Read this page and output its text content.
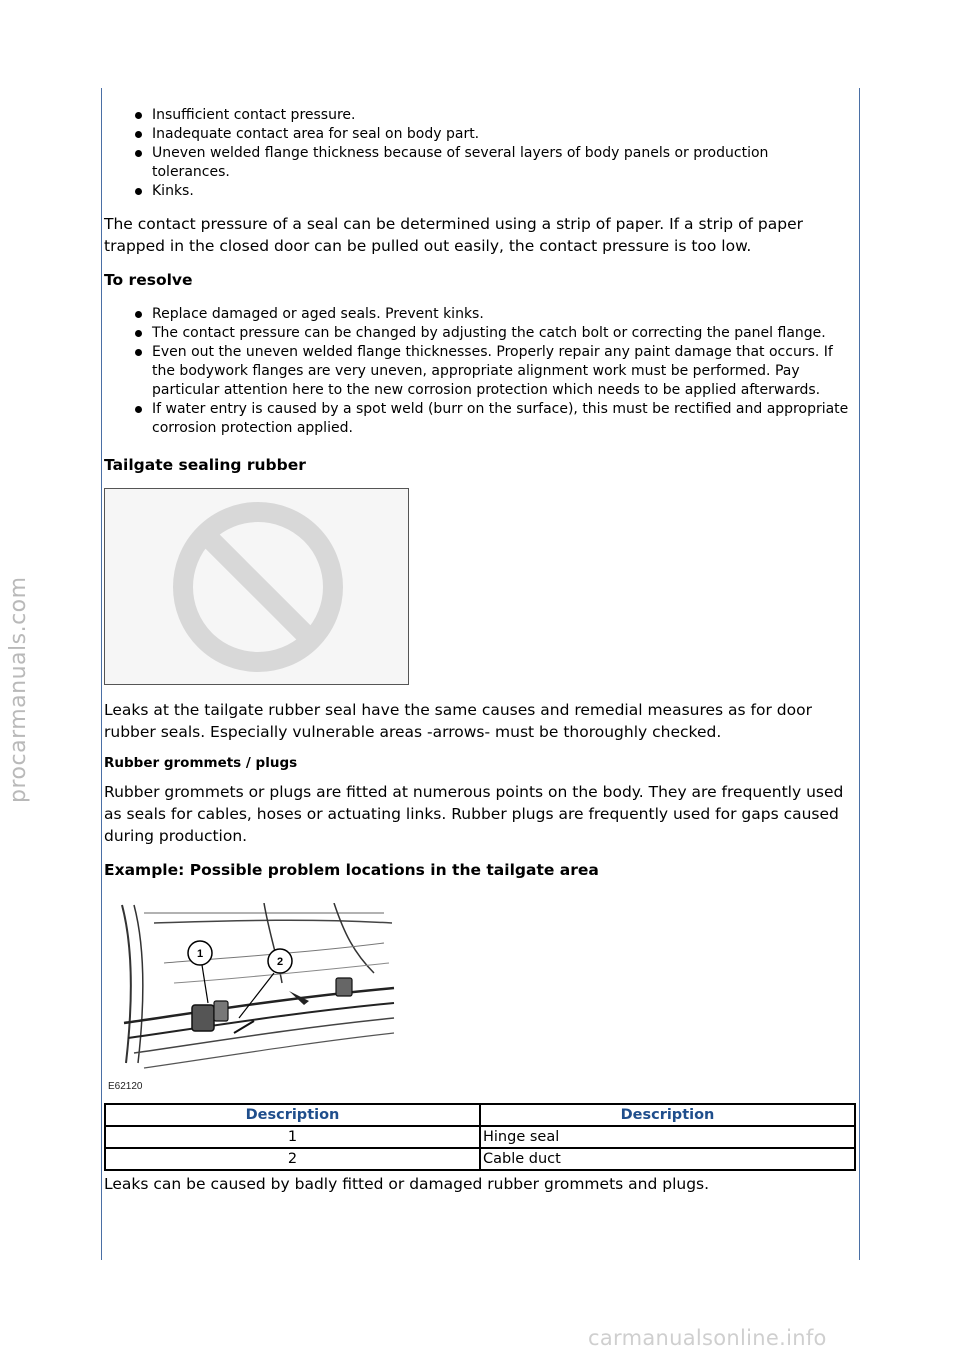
procarmanuals.com
carmanualsonline.info
Insufficient contact pressure.
Inadequate contact area for seal on body part.
Uneven welded flange thickness because of several layers of body panels or production tolerances.
Kinks.

The contact pressure of a seal can be determined using a strip of paper. If a strip of paper trapped in the closed door can be pulled out easily, the contact pressure is too low.

To resolve
Replace damaged or aged seals. Prevent kinks.
The contact pressure can be changed by adjusting the catch bolt or correcting the panel flange.
Even out the uneven welded flange thicknesses. Properly repair any paint damage that occurs. If the bodywork flanges are very uneven, appropriate alignment work must be performed. Pay particular attention here to the new corrosion protection which needs to be applied afterwards.
If water entry is caused by a spot weld (burr on the surface), this must be rectified and appropriate corrosion protection applied.
Tailgate sealing rubber

Leaks at the tailgate rubber seal have the same causes and remedial measures as for door rubber seals. Especially vulnerable areas -arrows- must be thoroughly checked.

Rubber grommets / plugs

Rubber grommets or plugs are fitted at numerous points on the body. They are frequently used as seals for cables, hoses or actuating links. Rubber plugs are frequently used for gaps caused during production.

Example: Possible problem locations in the tailgate area
1
2
E62120
Description	Description
1	Hinge seal
2	Cable duct

Leaks can be caused by badly fitted or damaged rubber grommets and plugs.
